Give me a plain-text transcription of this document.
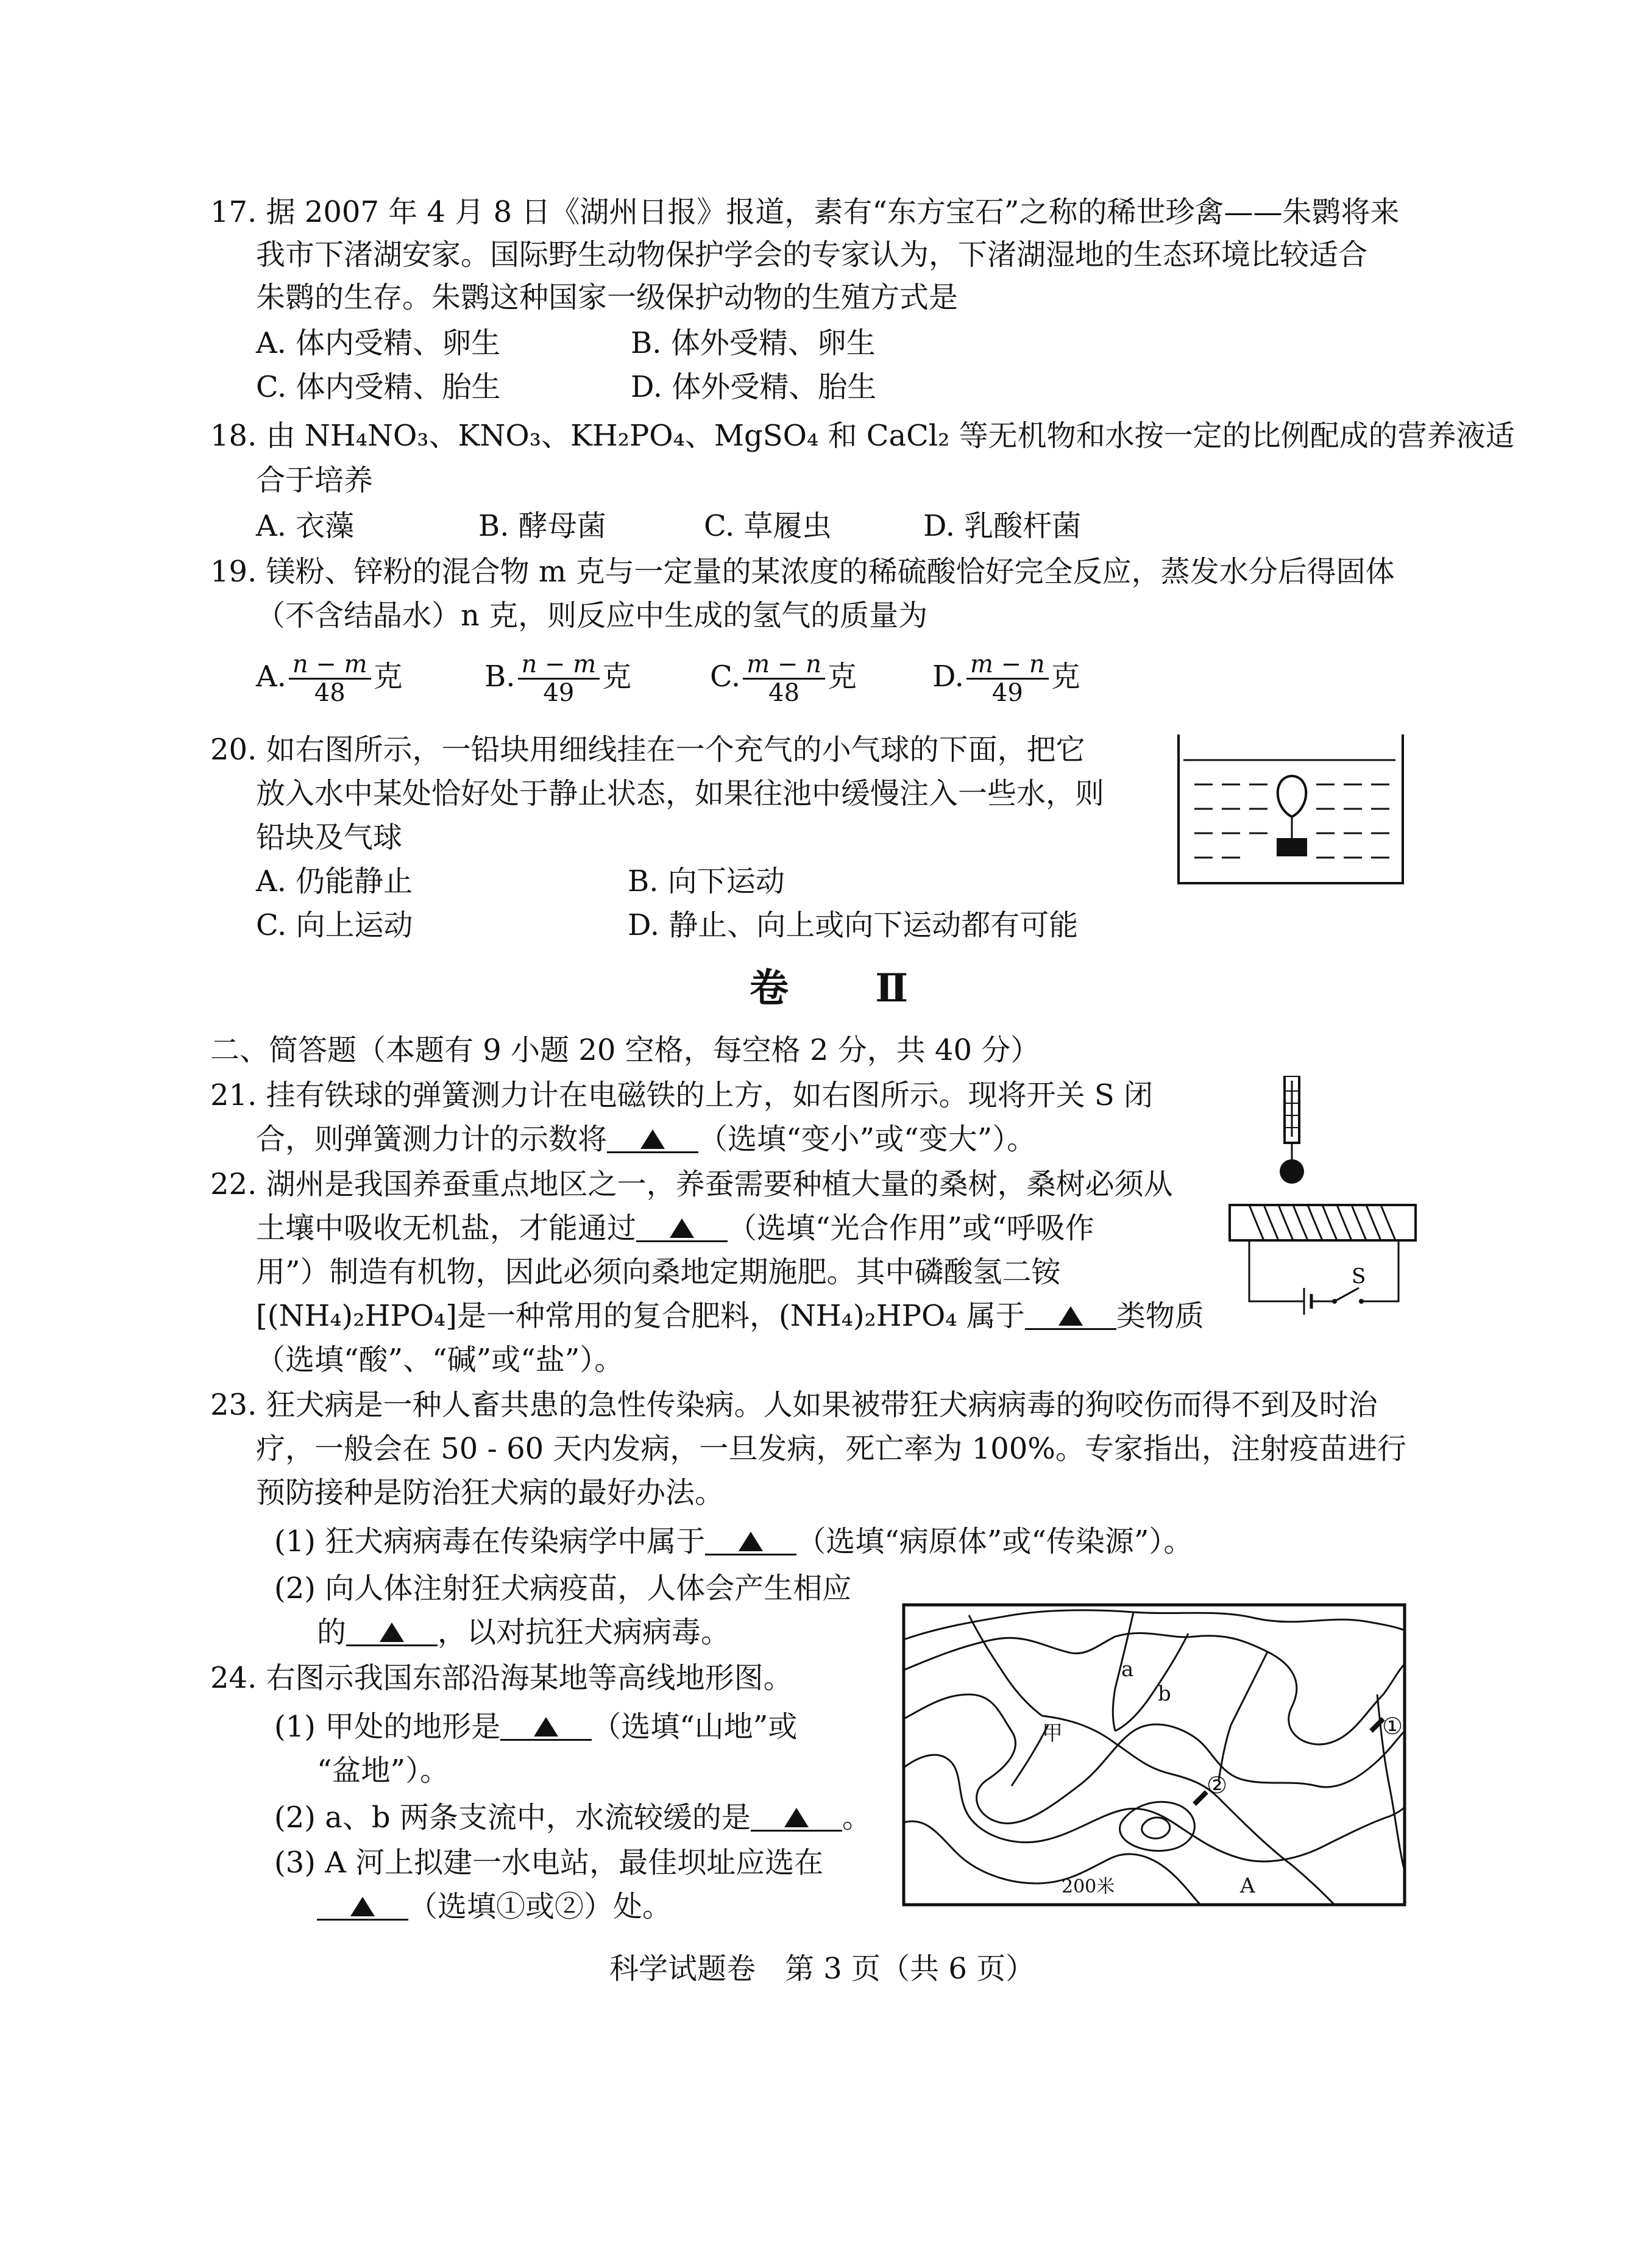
17. 据 2007 年 4 月 8 日《湖州日报》报道，素有“东方宝石”之称的稀世珍禽——朱鹮将来
我市下渚湖安家。国际野生动物保护学会的专家认为，下渚湖湿地的生态环境比较适合
朱鹮的生存。朱鹮这种国家一级保护动物的生殖方式是
A. 体内受精、卵生	B. 体外受精、卵生
C. 体内受精、胎生	D. 体外受精、胎生
18. 由 NH₄NO₃、KNO₃、KH₂PO₄、MgSO₄ 和 CaCl₂ 等无机物和水按一定的比例配成的营养液适
合于培养
A. 衣藻	B. 酵母菌	C. 草履虫	D. 乳酸杆菌
19. 镁粉、锌粉的混合物 m 克与一定量的某浓度的稀硫酸恰好完全反应，蒸发水分后得固体
（不含结晶水）n 克，则反应中生成的氢气的质量为
A. $\frac{n - m}{48}$ 克	B. $\frac{n - m}{49}$ 克	C. $\frac{m - n}{48}$ 克	D. $\frac{m - n}{49}$ 克
20. 如右图所示，一铅块用细线挂在一个充气的小气球的下面，把它
放入水中某处恰好处于静止状态，如果往池中缓慢注入一些水，则
铅块及气球
A. 仍能静止	B. 向下运动
C. 向上运动	D. 静止、向上或向下运动都有可能
卷 Ⅱ
二、简答题（本题有 9 小题 20 空格，每空格 2 分，共 40 分）
21. 挂有铁球的弹簧测力计在电磁铁的上方，如右图所示。现将开关 S 闭
合，则弹簧测力计的示数将	（选填“变小”或“变大”）。
22. 湖州是我国养蚕重点地区之一，养蚕需要种植大量的桑树，桑树必须从
土壤中吸收无机盐，才能通过	（选填“光合作用”或“呼吸作
用”）制造有机物，因此必须向桑地定期施肥。其中磷酸氢二铵
[(NH₄)₂HPO₄]是一种常用的复合肥料，(NH₄)₂HPO₄ 属于	类物质
（选填“酸”、“碱”或“盐”）。
S
23. 狂犬病是一种人畜共患的急性传染病。人如果被带狂犬病病毒的狗咬伤而得不到及时治
疗，一般会在 50 - 60 天内发病，一旦发病，死亡率为 100%。专家指出，注射疫苗进行
预防接种是防治狂犬病的最好办法。
(1) 狂犬病病毒在传染病学中属于	（选填“病原体”或“传染源”）。
(2) 向人体注射狂犬病疫苗，人体会产生相应
的	，以对抗狂犬病病毒。
24. 右图示我国东部沿海某地等高线地形图。
(1) 甲处的地形是	（选填“山地”或
“盆地”）。
(2) a、b 两条支流中，水流较缓的是	。
(3) A 河上拟建一水电站，最佳坝址应选在
（选填①或②）处。
a
b
甲	①
②
200米	A
科学试题卷　第 3 页（共 6 页）
